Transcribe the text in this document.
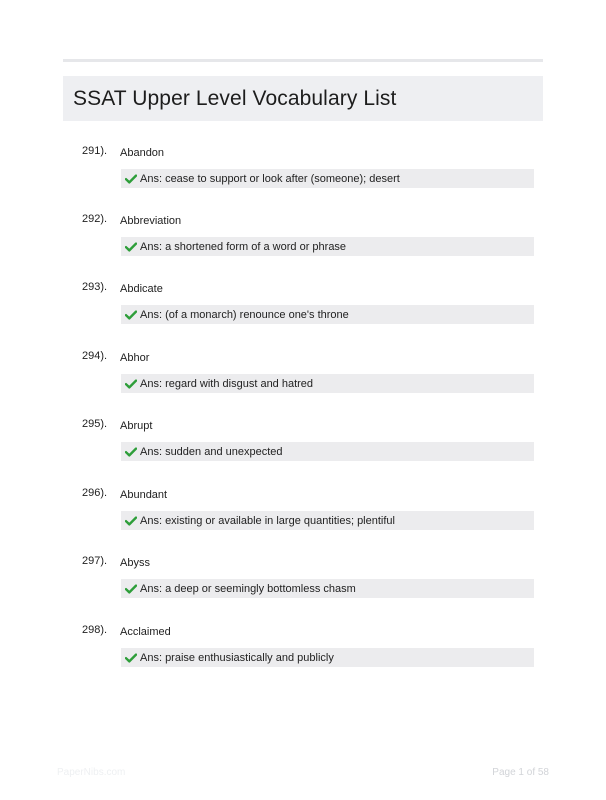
SSAT Upper Level Vocabulary List
291). Abandon
Ans: cease to support or look after (someone); desert
292). Abbreviation
Ans: a shortened form of a word or phrase
293). Abdicate
Ans: (of a monarch) renounce one's throne
294). Abhor
Ans: regard with disgust and hatred
295). Abrupt
Ans: sudden and unexpected
296). Abundant
Ans: existing or available in large quantities; plentiful
297). Abyss
Ans: a deep or seemingly bottomless chasm
298). Acclaimed
Ans: praise enthusiastically and publicly
PaperNibs.com	Page 1 of 58
